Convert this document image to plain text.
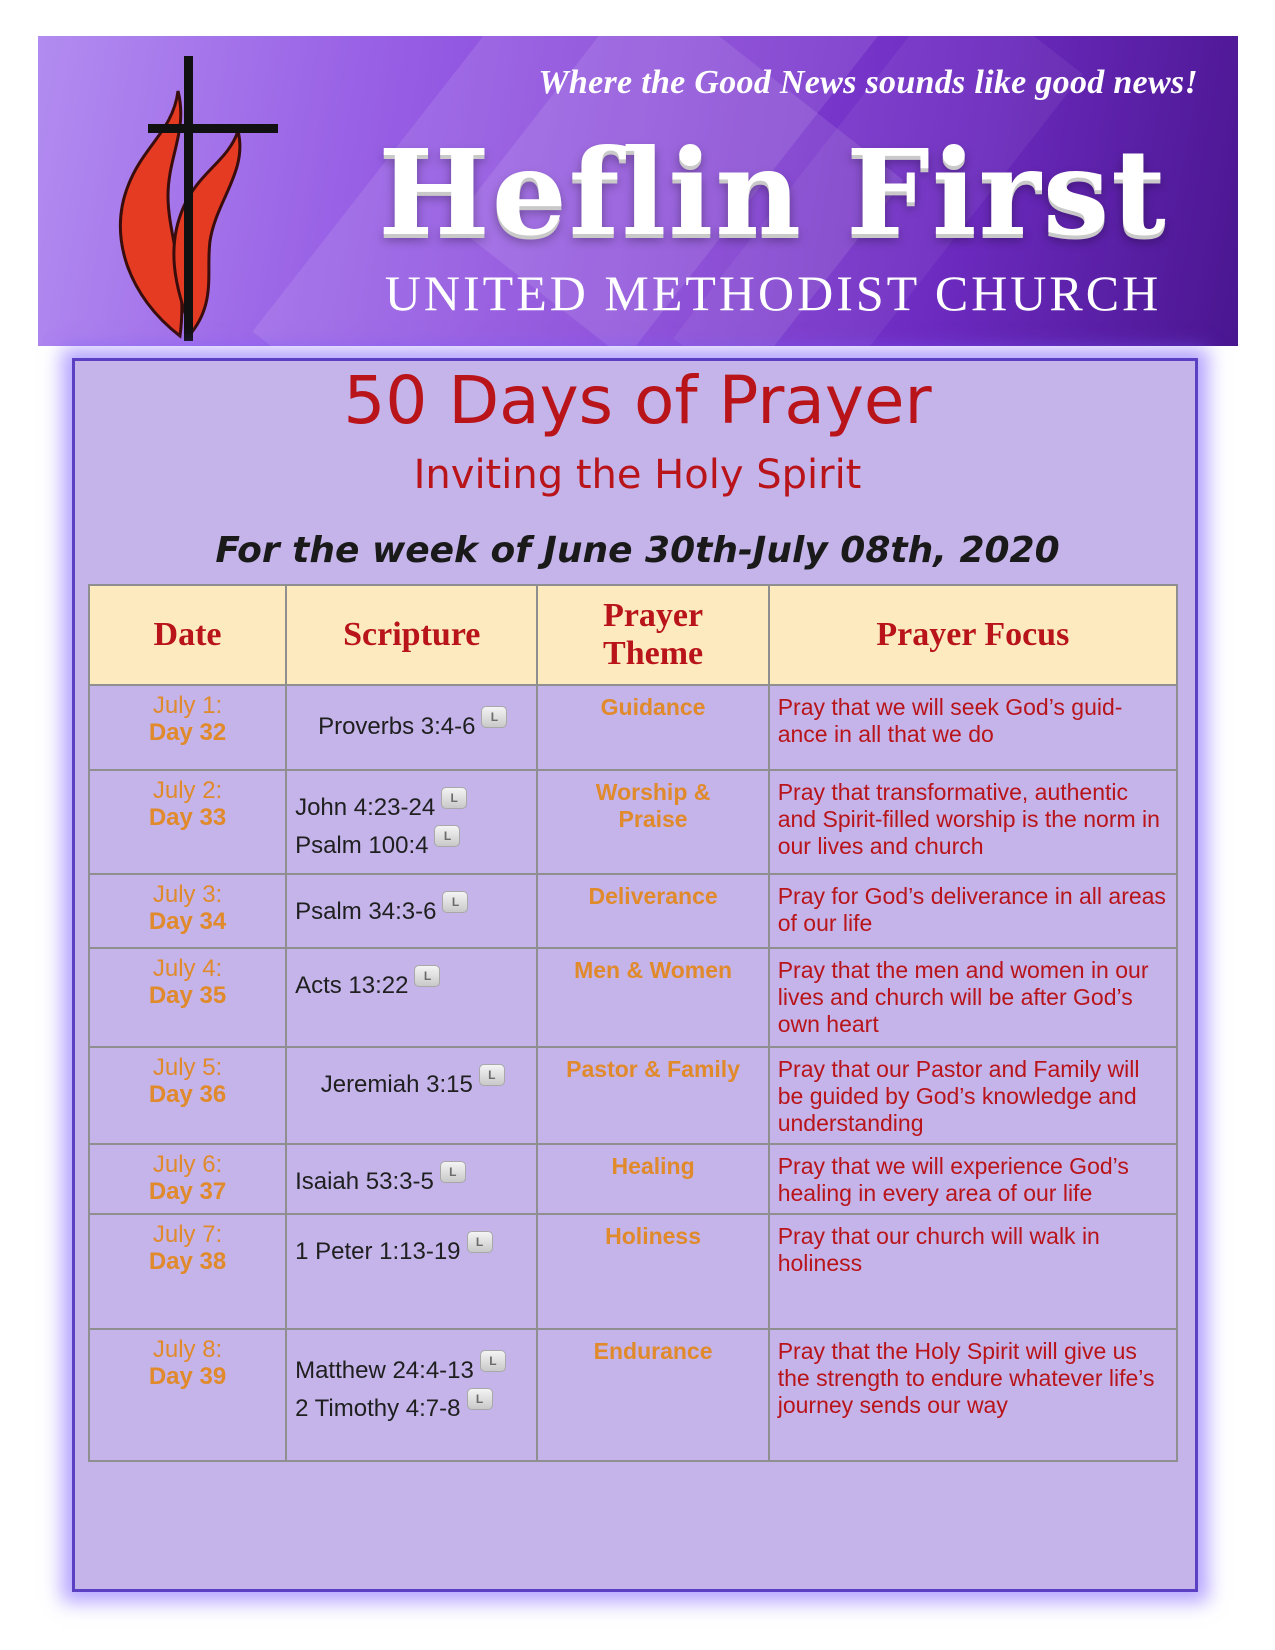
Where the Good News sounds like good news!
Heflin First
UNITED METHODIST CHURCH
50 Days of Prayer
Inviting the Holy Spirit
For the week of June 30th-July 08th, 2020
Date	Scripture	Prayer Theme	Prayer Focus

July 1:
Day 32	Proverbs 3:4-6 L	Guidance	Pray that we will seek God’s guid-ance in all that we do

July 2:
Day 33	John 4:23-24 L
Psalm 100:4 L	Worship & Praise	Pray that transformative, authentic and Spirit-filled worship is the norm in our lives and church

July 3:
Day 34	Psalm 34:3-6 L	Deliverance	Pray for God’s deliverance in all areas of our life

July 4:
Day 35	Acts 13:22 L	Men & Women	Pray that the men and women in our lives and church will be after God’s own heart

July 5:
Day 36	Jeremiah 3:15 L	Pastor & Family	Pray that our Pastor and Family will be guided by God’s knowledge and understanding

July 6:
Day 37	Isaiah 53:3-5 L	Healing	Pray that we will experience God’s healing in every area of our life

July 7:
Day 38	1 Peter 1:13-19 L	Holiness	Pray that our church will walk in holiness

July 8:
Day 39	Matthew 24:4-13 L
2 Timothy 4:7-8 L	Endurance	Pray that the Holy Spirit will give us the strength to endure whatever life’s journey sends our way
